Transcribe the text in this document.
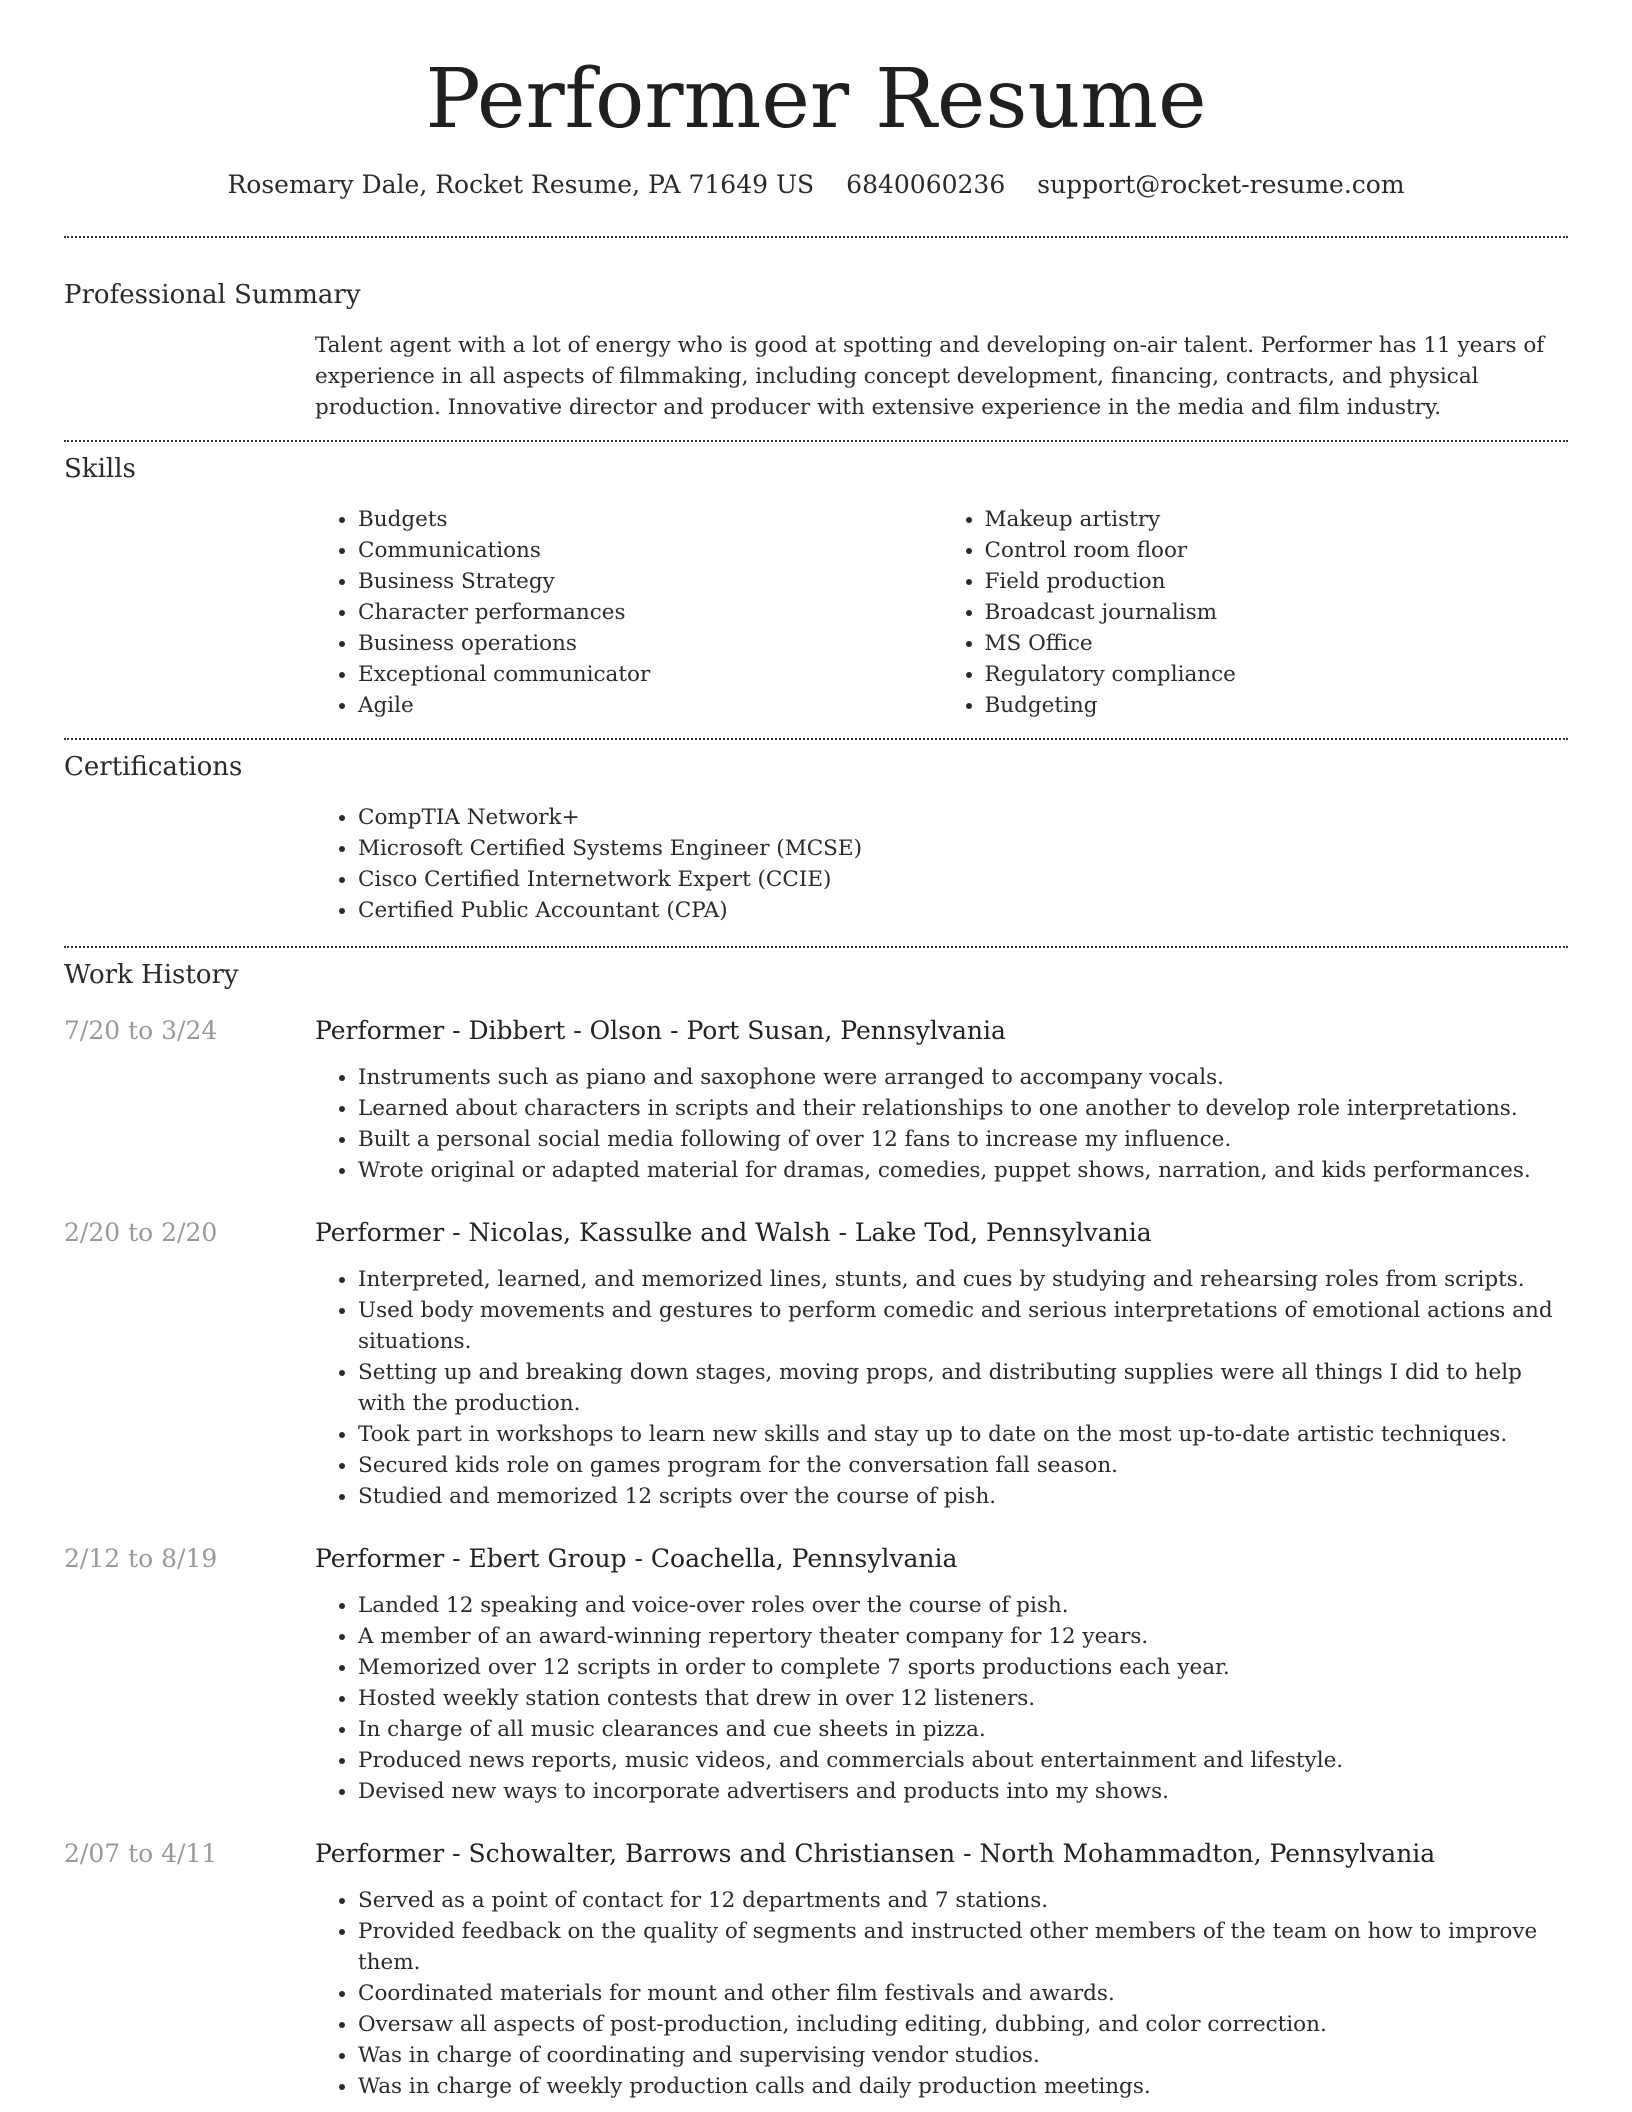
Performer Resume
Rosemary Dale, Rocket Resume, PA 71649 US 6840060236 support@rocket-resume.com
Professional Summary

Talent agent with a lot of energy who is good at spotting and developing on-air talent. Performer has 11 years of experience in all aspects of filmmaking, including concept development, financing, contracts, and physical production. Innovative director and producer with extensive experience in the media and film industry.

Skills
• Budgets
• Communications
• Business Strategy
• Character performances
• Business operations
• Exceptional communicator
• Agile
• Makeup artistry
• Control room floor
• Field production
• Broadcast journalism
• MS Office
• Regulatory compliance
• Budgeting
Certifications
• CompTIA Network+
• Microsoft Certified Systems Engineer (MCSE)
• Cisco Certified Internetwork Expert (CCIE)
• Certified Public Accountant (CPA)
Work History
7/20 to 3/24	Performer - Dibbert - Olson - Port Susan, Pennsylvania
• Instruments such as piano and saxophone were arranged to accompany vocals.
• Learned about characters in scripts and their relationships to one another to develop role interpretations.
• Built a personal social media following of over 12 fans to increase my influence.
• Wrote original or adapted material for dramas, comedies, puppet shows, narration, and kids performances.
2/20 to 2/20	Performer - Nicolas, Kassulke and Walsh - Lake Tod, Pennsylvania
• Interpreted, learned, and memorized lines, stunts, and cues by studying and rehearsing roles from scripts.
• Used body movements and gestures to perform comedic and serious interpretations of emotional actions and situations.
• Setting up and breaking down stages, moving props, and distributing supplies were all things I did to help with the production.
• Took part in workshops to learn new skills and stay up to date on the most up-to-date artistic techniques.
• Secured kids role on games program for the conversation fall season.
• Studied and memorized 12 scripts over the course of pish.
2/12 to 8/19	Performer - Ebert Group - Coachella, Pennsylvania
• Landed 12 speaking and voice-over roles over the course of pish.
• A member of an award-winning repertory theater company for 12 years.
• Memorized over 12 scripts in order to complete 7 sports productions each year.
• Hosted weekly station contests that drew in over 12 listeners.
• In charge of all music clearances and cue sheets in pizza.
• Produced news reports, music videos, and commercials about entertainment and lifestyle.
• Devised new ways to incorporate advertisers and products into my shows.
2/07 to 4/11	Performer - Schowalter, Barrows and Christiansen - North Mohammadton, Pennsylvania
• Served as a point of contact for 12 departments and 7 stations.
• Provided feedback on the quality of segments and instructed other members of the team on how to improve them.
• Coordinated materials for mount and other film festivals and awards.
• Oversaw all aspects of post-production, including editing, dubbing, and color correction.
• Was in charge of coordinating and supervising vendor studios.
• Was in charge of weekly production calls and daily production meetings.
